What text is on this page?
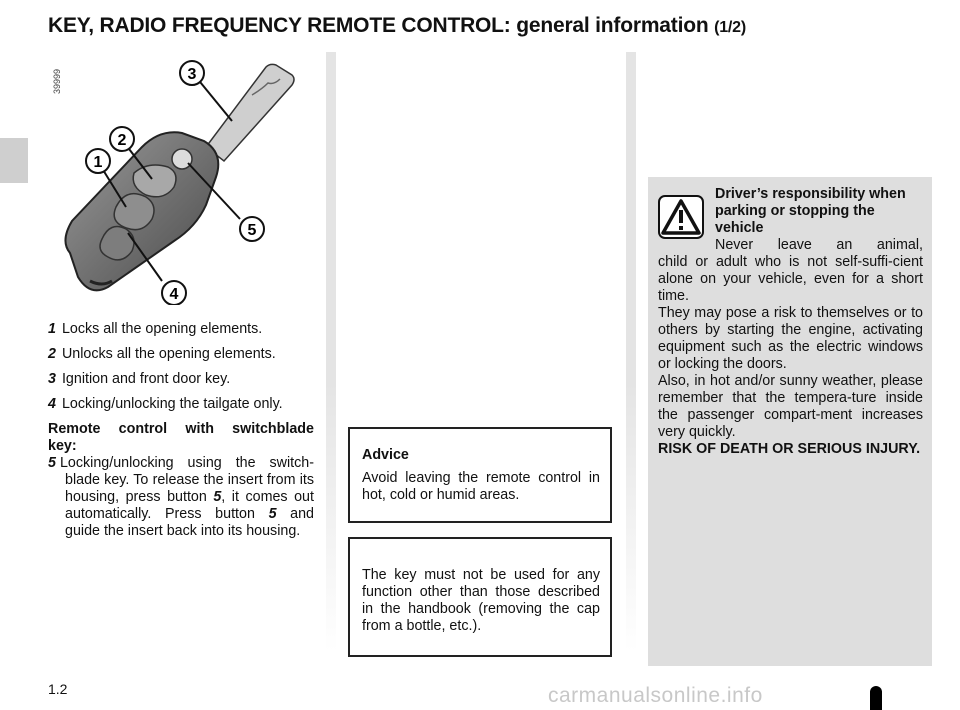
KEY, RADIO FREQUENCY REMOTE CONTROL: general information (1/2)
39999	3
2
1
5
4
1 Locks all the opening elements.
2 Unlocks all the opening elements.
3 Ignition and front door key.
4 Locking/unlocking the tailgate only.
Remote control with switchblade key:
5 Locking/unlocking using the switch-blade key. To release the insert from its housing, press button 5, it comes out automatically. Press button 5 and guide the insert back into its housing.
Advice
Avoid leaving the remote control in hot, cold or humid areas.
The key must not be used for any function other than those described in the handbook (removing the cap from a bottle, etc.).
Driver’s responsibility when parking or stopping the vehicle
Never leave an animal,
child or adult who is not self-suffi-cient alone on your vehicle, even for a short time.
They may pose a risk to themselves or to others by starting the engine, activating equipment such as the electric windows or locking the doors.
Also, in hot and/or sunny weather, please remember that the tempera-ture inside the passenger compart-ment increases very quickly.
RISK OF DEATH OR SERIOUS INJURY.
1.2	carmanualsonline.info
